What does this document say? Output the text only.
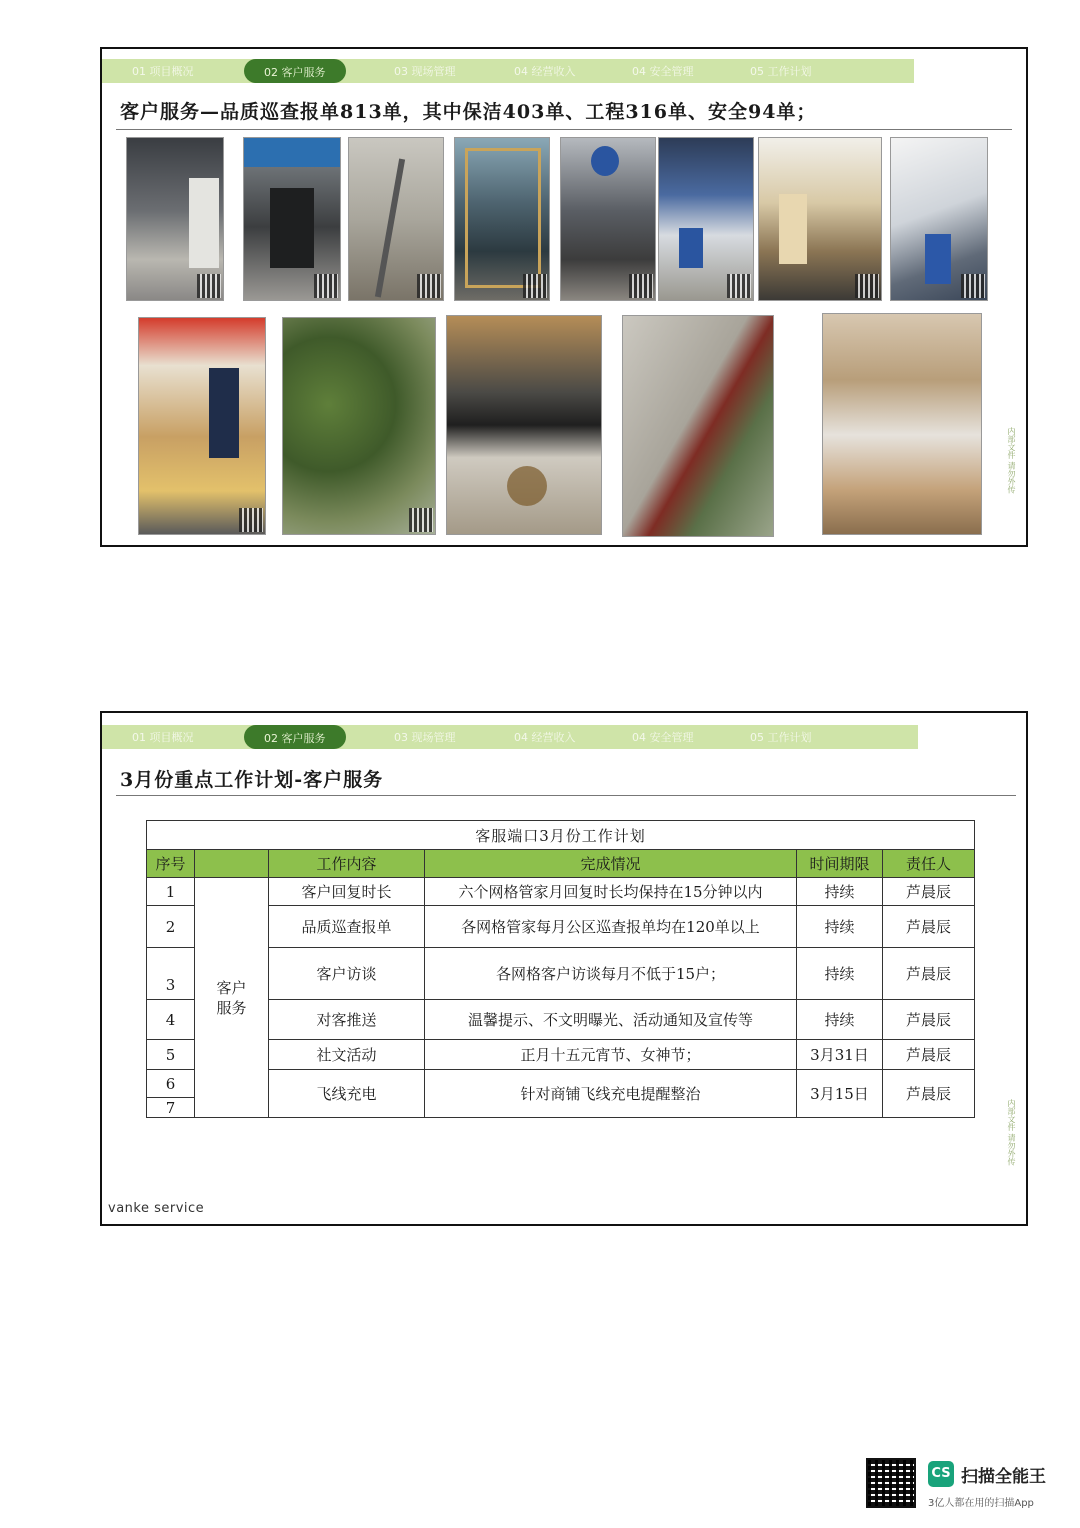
01 项目概况	02 客户服务	03 现场管理	04 经营收入	04 安全管理	05 工作计划
客户服务—品质巡查报单813单，其中保洁403单、工程316单、安全94单；
内部文件 请勿外传
01 项目概况	02 客户服务	03 现场管理	04 经营收入	04 安全管理	05 工作计划
3月份重点工作计划-客户服务
客服端口3月份工作计划					
序号		工作内容	完成情况	时间期限	责任人
1	客户服务	客户回复时长	六个网格管家月回复时长均保持在15分钟以内	持续	芦晨辰
2		品质巡查报单	各网格管家每月公区巡查报单均在120单以上	持续	芦晨辰
3		客户访谈	各网格客户访谈每月不低于15户；	持续	芦晨辰

4		对客推送	温馨提示、不文明曝光、活动通知及宣传等	持续	芦晨辰
5		社文活动	正月十五元宵节、女神节；	3月31日	芦晨辰
6		飞线充电	针对商铺飞线充电提醒整治	3月15日	芦晨辰
7					
vanke service
内部文件 请勿外传
CS 扫描全能王
3亿人都在用的扫描App
